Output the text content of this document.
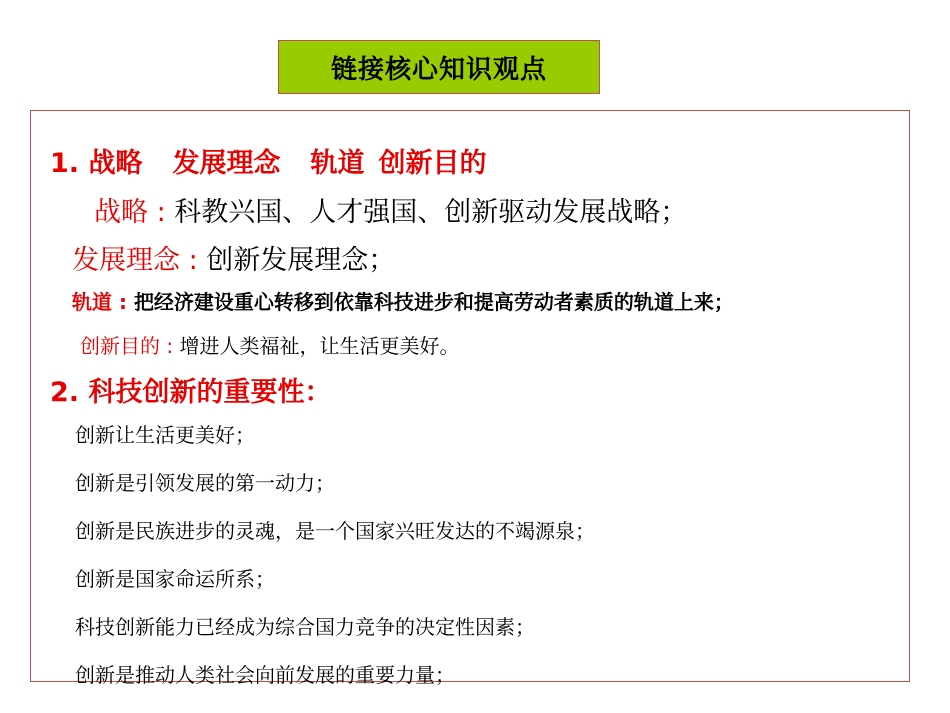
链接核心知识观点
1. 战略 发展理念 轨道 创新目的
战略 : 科教兴国、人才强国、创新驱动发展战略；
发展理念 : 创新发展理念；
轨道 : 把经济建设重心转移到依靠科技进步和提高劳动者素质的轨道上来；
创新目的 : 增进人类福祉，让生活更美好。
2. 科技创新的重要性：
创新让生活更美好；
创新是引领发展的第一动力；
创新是民族进步的灵魂，是一个国家兴旺发达的不竭源泉；
创新是国家命运所系；
科技创新能力已经成为综合国力竞争的决定性因素；
创新是推动人类社会向前发展的重要力量；
